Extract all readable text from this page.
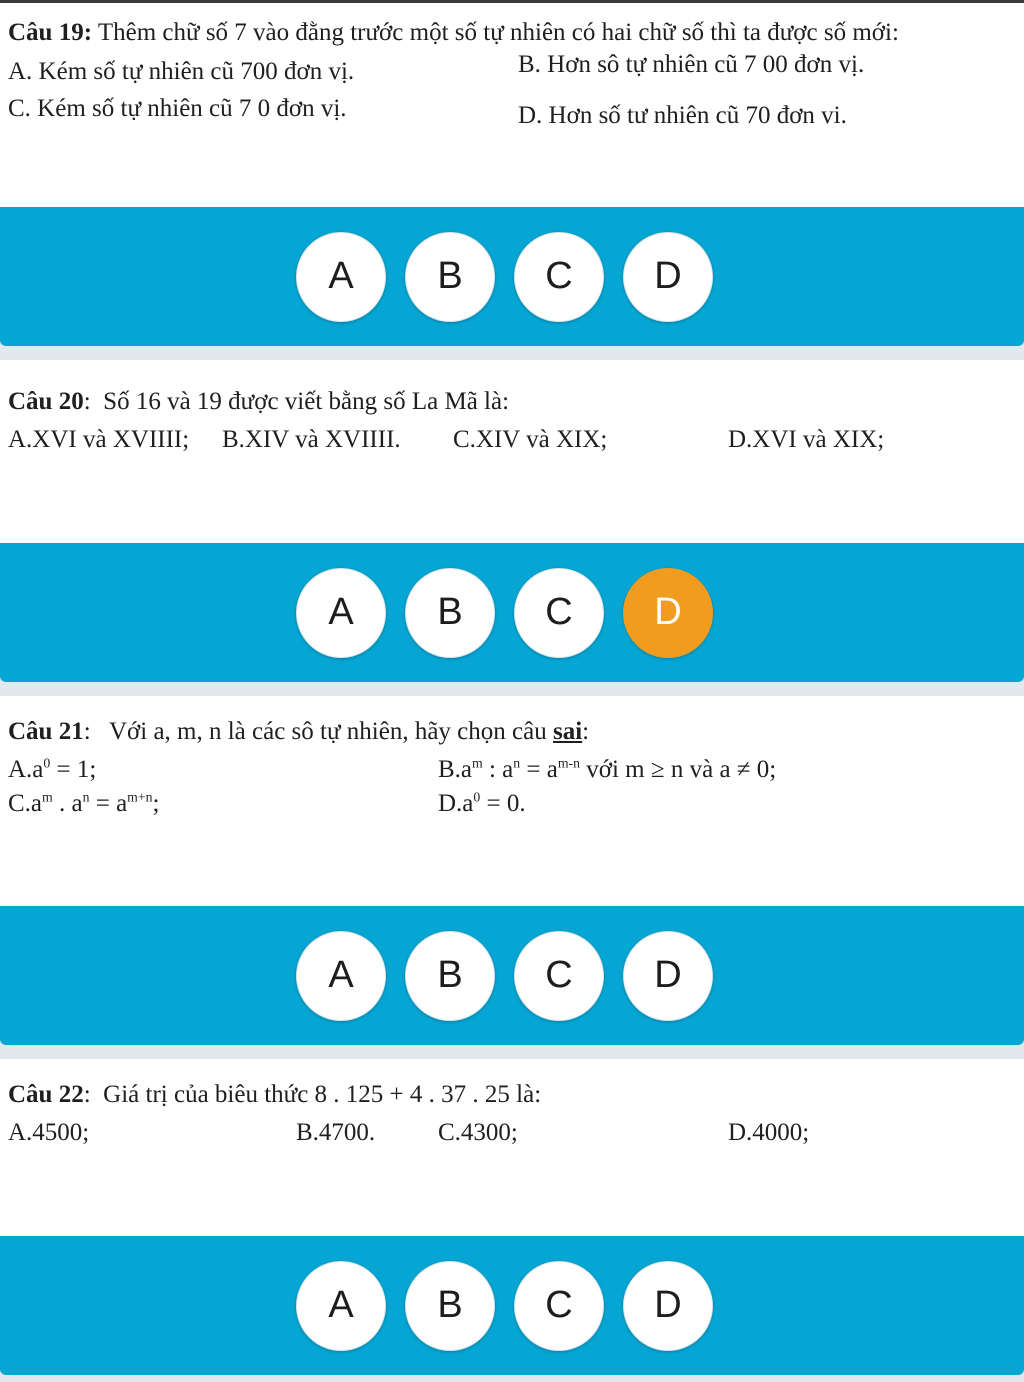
Câu 19: Thêm chữ số 7 vào đằng trước một số tự nhiên có hai chữ số thì ta được số mới:
A. Kém số tự nhiên cũ 700 đơn vị.	B. Hơn sô tự nhiên cũ 7 00 đơn vị.
C. Kém số tự nhiên cũ 7 0 đơn vị.	D. Hơn số tư nhiên cũ 70 đơn vi.
A	B	C	D
Câu 20:  Số 16 và 19 được viết bằng số La Mã là:
A.XVI và XVIIII; B.XIV và XVIIII. C.XIV và XIX;	D.XVI và XIX;
A	B	C	D
Câu 21:   Với a, m, n là các sô tự nhiên, hãy chọn câu sai:
$A.a^0 = 1$;	$B.a^m$ : $a^n = a^{m-n}$ với m ≥ n và a ≠ 0;
$C.a^m$ . $a^n = a^{m+n}$;	$D.a^0 = 0$.
A	B	C	D
Câu 22:  Giá trị của biêu thức 8 . 125 + 4 . 37 . 25 là:
A.4500;	B.4700.	C.4300;	D.4000;
A	B	C	D
